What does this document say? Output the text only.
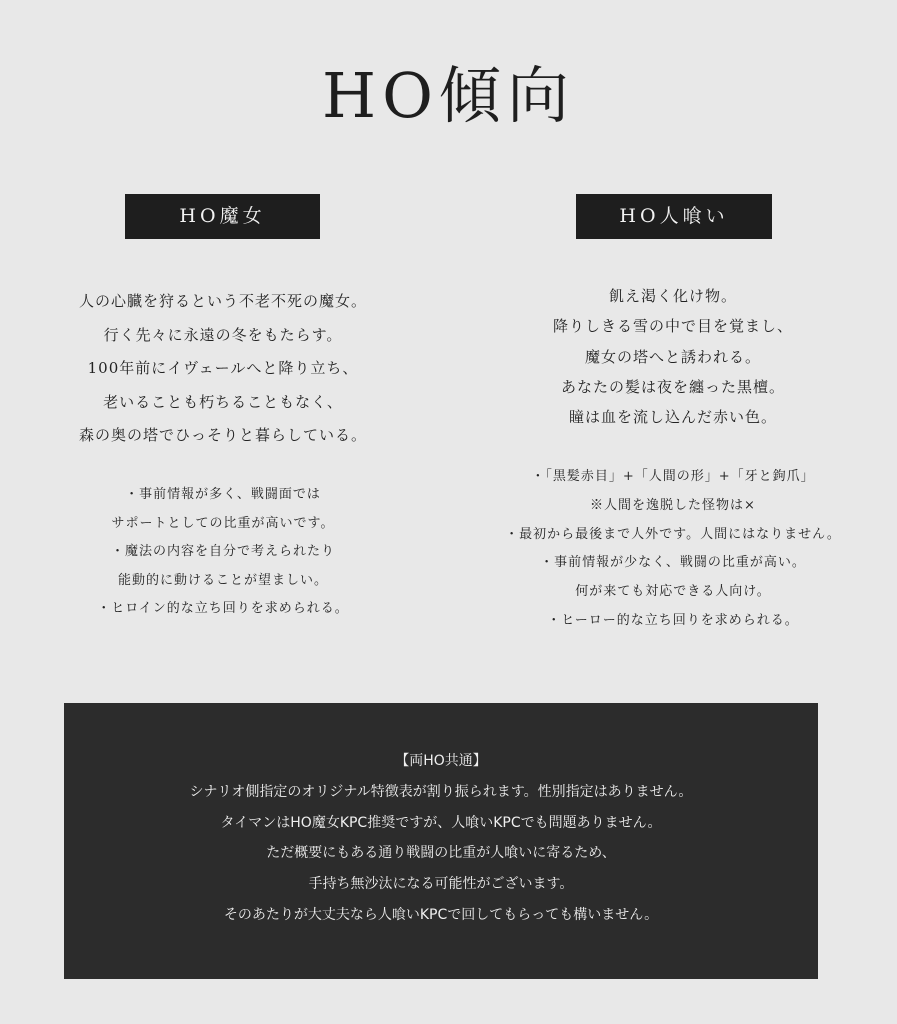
HO傾向
HO魔女	HO人喰い
人の心臓を狩るという不老不死の魔女。
行く先々に永遠の冬をもたらす。
100年前にイヴェールへと降り立ち、
老いることも朽ちることもなく、
森の奥の塔でひっそりと暮らしている。
・事前情報が多く、戦闘面では
サポートとしての比重が高いです。
・魔法の内容を自分で考えられたり
能動的に動けることが望ましい。
・ヒロイン的な立ち回りを求められる。
飢え渇く化け物。
降りしきる雪の中で目を覚まし、
魔女の塔へと誘われる。
あなたの髪は夜を纏った黒檀。
瞳は血を流し込んだ赤い色。
・「黒髪赤目」+「人間の形」+「牙と鉤爪」
※人間を逸脱した怪物は×
・最初から最後まで人外です。人間にはなりません。
・事前情報が少なく、戦闘の比重が高い。
何が来ても対応できる人向け。
・ヒーロー的な立ち回りを求められる。
【両HO共通】
シナリオ側指定のオリジナル特徴表が割り振られます。性別指定はありません。
タイマンはHO魔女KPC推奨ですが、人喰いKPCでも問題ありません。
ただ概要にもある通り戦闘の比重が人喰いに寄るため、
手持ち無沙汰になる可能性がございます。
そのあたりが大丈夫なら人喰いKPCで回してもらっても構いません。
